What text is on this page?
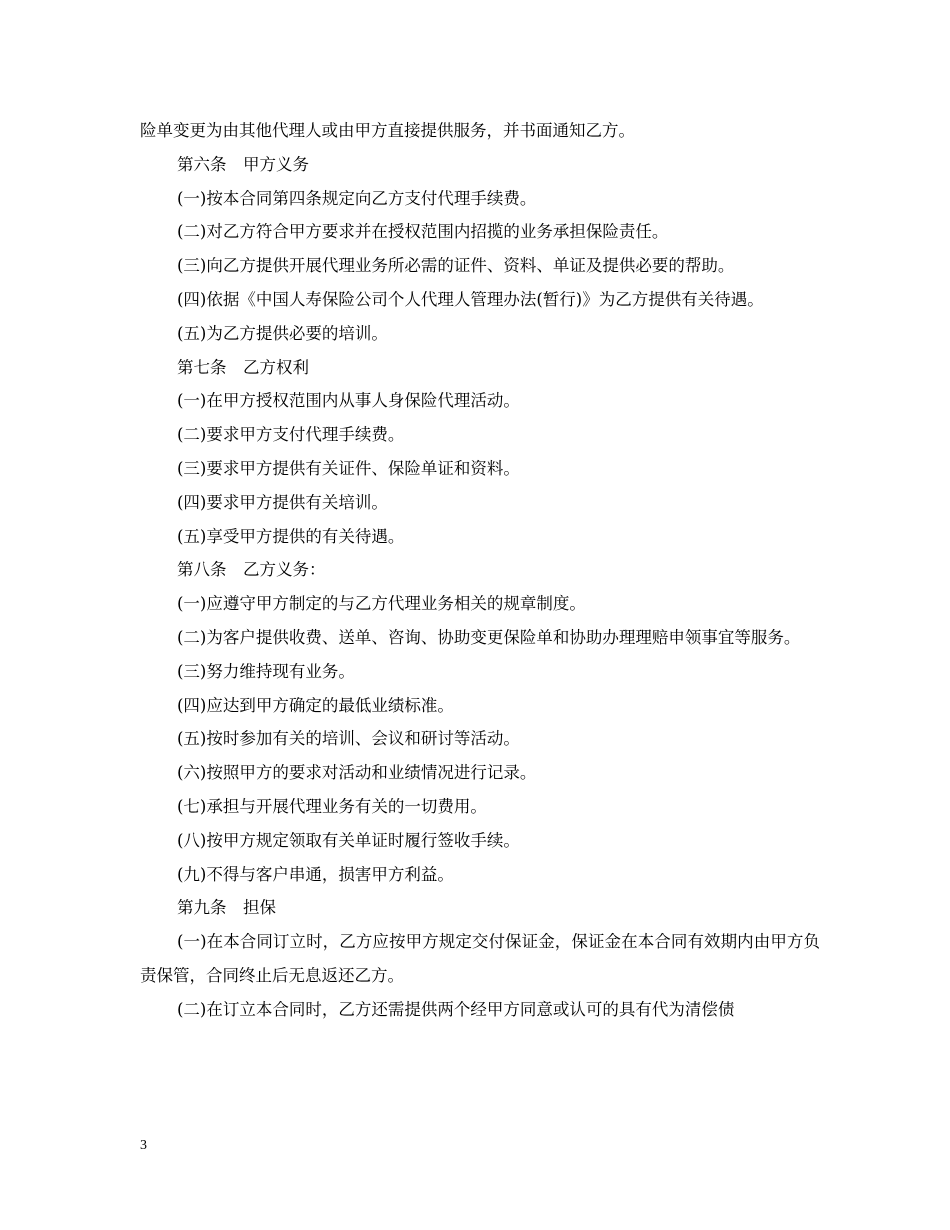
险单变更为由其他代理人或由甲方直接提供服务，并书面通知乙方。

第六条　甲方义务

(一)按本合同第四条规定向乙方支付代理手续费。

(二)对乙方符合甲方要求并在授权范围内招揽的业务承担保险责任。

(三)向乙方提供开展代理业务所必需的证件、资料、单证及提供必要的帮助。

(四)依据《中国人寿保险公司个人代理人管理办法(暂行)》为乙方提供有关待遇。

(五)为乙方提供必要的培训。

第七条　乙方权利

(一)在甲方授权范围内从事人身保险代理活动。

(二)要求甲方支付代理手续费。

(三)要求甲方提供有关证件、保险单证和资料。

(四)要求甲方提供有关培训。

(五)享受甲方提供的有关待遇。

第八条　乙方义务：

(一)应遵守甲方制定的与乙方代理业务相关的规章制度。

(二)为客户提供收费、送单、咨询、协助变更保险单和协助办理理赔申领事宜等服务。

(三)努力维持现有业务。

(四)应达到甲方确定的最低业绩标准。

(五)按时参加有关的培训、会议和研讨等活动。

(六)按照甲方的要求对活动和业绩情况进行记录。

(七)承担与开展代理业务有关的一切费用。

(八)按甲方规定领取有关单证时履行签收手续。

(九)不得与客户串通，损害甲方利益。

第九条　担保

(一)在本合同订立时，乙方应按甲方规定交付保证金，保证金在本合同有效期内由甲方负责保管，合同终止后无息返还乙方。

(二)在订立本合同时，乙方还需提供两个经甲方同意或认可的具有代为清偿债

3
